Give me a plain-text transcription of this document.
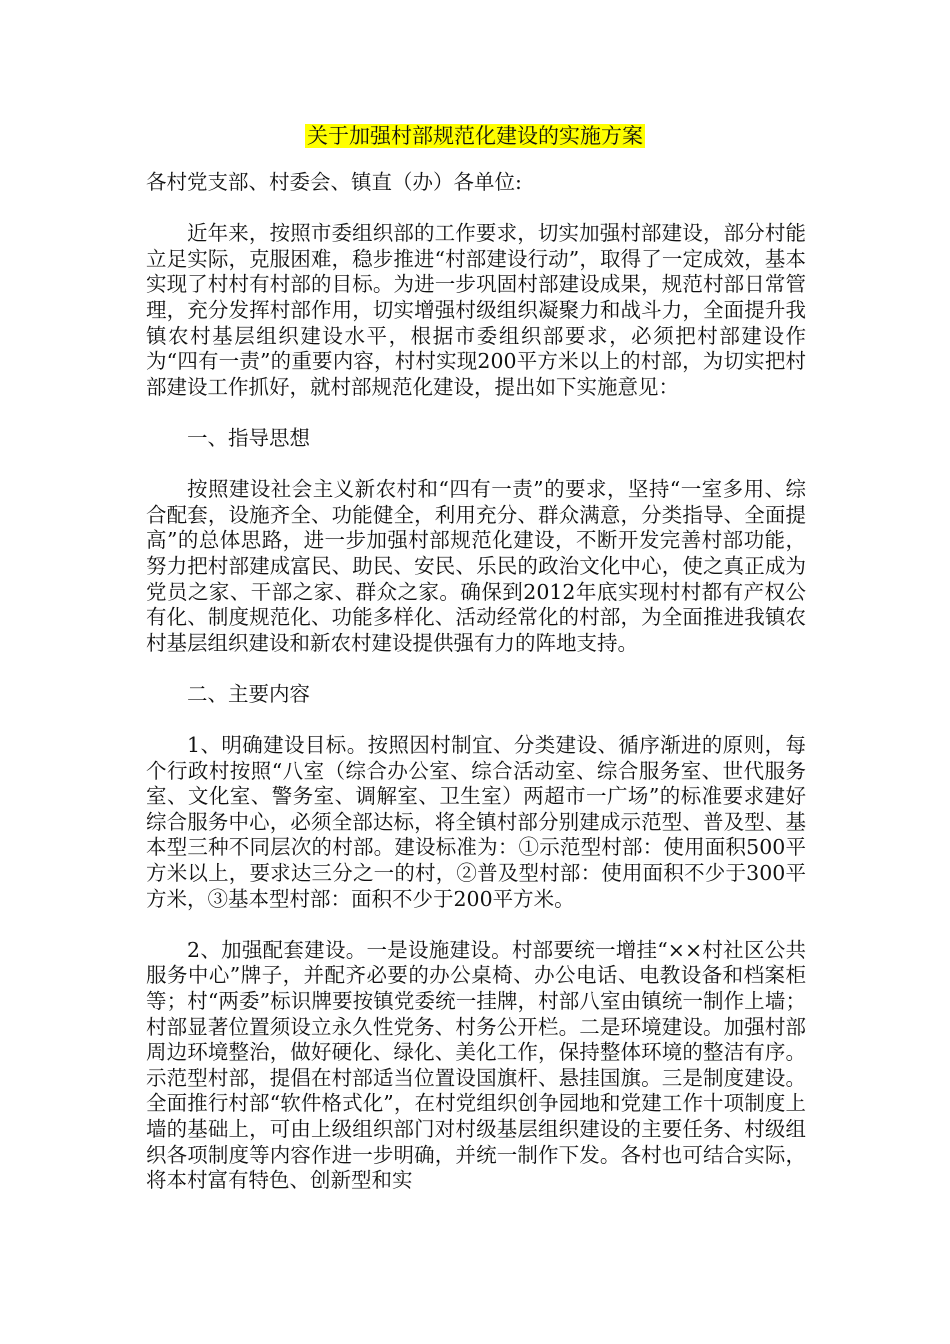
关于加强村部规范化建设的实施方案

各村党支部、村委会、镇直（办）各单位:

近年来，按照市委组织部的工作要求，切实加强村部建设，部分村能立足实际，克服困难，稳步推进“村部建设行动”，取得了一定成效，基本实现了村村有村部的目标。为进一步巩固村部建设成果，规范村部日常管理，充分发挥村部作用，切实增强村级组织凝聚力和战斗力，全面提升我镇农村基层组织建设水平，根据市委组织部要求，必须把村部建设作为“四有一责”的重要内容，村村实现200平方米以上的村部，为切实把村部建设工作抓好，就村部规范化建设，提出如下实施意见：

一、指导思想

按照建设社会主义新农村和“四有一责”的要求，坚持“一室多用、综合配套，设施齐全、功能健全，利用充分、群众满意，分类指导、全面提高”的总体思路，进一步加强村部规范化建设，不断开发完善村部功能，努力把村部建成富民、助民、安民、乐民的政治文化中心，使之真正成为党员之家、干部之家、群众之家。确保到2012年底实现村村都有产权公有化、制度规范化、功能多样化、活动经常化的村部，为全面推进我镇农村基层组织建设和新农村建设提供强有力的阵地支持。

二、主要内容

1、明确建设目标。按照因村制宜、分类建设、循序渐进的原则，每个行政村按照“八室（综合办公室、综合活动室、综合服务室、世代服务室、文化室、警务室、调解室、卫生室）两超市一广场”的标准要求建好综合服务中心，必须全部达标，将全镇村部分别建成示范型、普及型、基本型三种不同层次的村部。建设标准为：①示范型村部：使用面积500平方米以上，要求达三分之一的村，②普及型村部：使用面积不少于300平方米，③基本型村部：面积不少于200平方米。

2、加强配套建设。一是设施建设。村部要统一增挂“××村社区公共服务中心”牌子，并配齐必要的办公桌椅、办公电话、电教设备和档案柜等；村“两委”标识牌要按镇党委统一挂牌，村部八室由镇统一制作上墙；村部显著位置须设立永久性党务、村务公开栏。二是环境建设。加强村部周边环境整治，做好硬化、绿化、美化工作，保持整体环境的整洁有序。示范型村部，提倡在村部适当位置设国旗杆、悬挂国旗。三是制度建设。全面推行村部“软件格式化”，在村党组织创争园地和党建工作十项制度上墙的基础上，可由上级组织部门对村级基层组织建设的主要任务、村级组织各项制度等内容作进一步明确，并统一制作下发。各村也可结合实际，将本村富有特色、创新型和实
